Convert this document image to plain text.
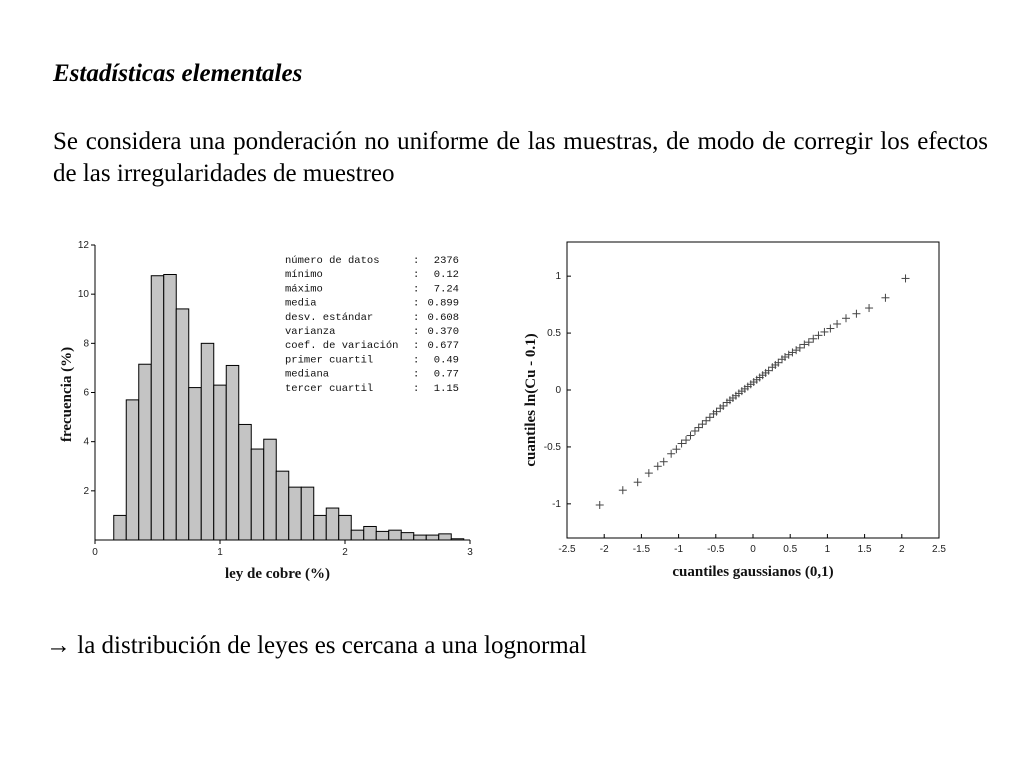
Estadísticas elementales
Se considera una ponderación no uniforme de las muestras, de modo de corregir los efectos de las irregularidades de muestreo
0	1	2	3
2
4
6
8
10
12
ley de cobre (%)
frecuencia (%)
número de datos	: 2376
mínimo	: 0.12
máximo	: 7.24
media	: 0.899
desv. estándar	: 0.608
varianza	: 0.370
coef. de variación : 0.677
primer cuartil	: 0.49
mediana	: 0.77
tercer cuartil	: 1.15
-2.5 -2 -1.5 -1 -0.5	0	0.5	1	1.5	2	2.5
-1
-0.5
0
0.5
1
cuantiles gaussianos (0,1)
cuantiles ln(Cu - 0.1)
→ la distribución de leyes es cercana a una lognormal
